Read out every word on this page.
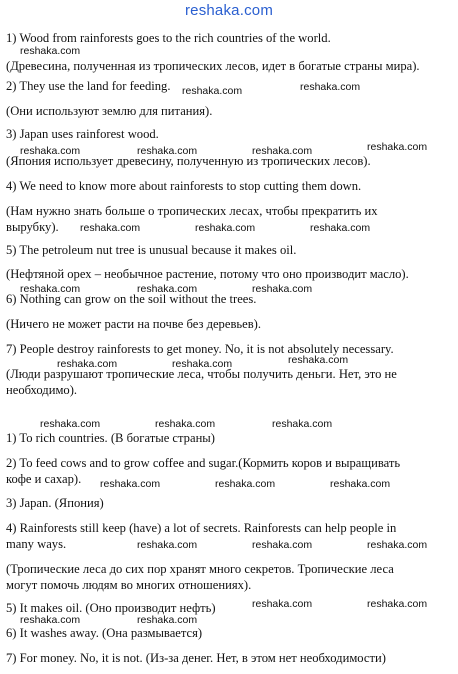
reshaka.com
1) Wood from rainforests goes to the rich countries of the world.
(Древесина, полученная из тропических лесов, идет в богатые страны мира).
2) They use the land for feeding.
(Они используют землю для питания).
3) Japan uses rainforest wood.
(Япония использует древесину, полученную из тропических лесов).
4) We need to know more about rainforests to stop cutting them down.
(Нам нужно знать больше о тропических лесах, чтобы прекратить их
вырубку).
5) The petroleum nut tree is unusual because it makes oil.
(Нефтяной орех – необычное растение, потому что оно производит масло).
6) Nothing can grow on the soil without the trees.
(Ничего не может расти на почве без деревьев).
7) People destroy rainforests to get money. No, it is not absolutely necessary.
(Люди разрушают тропические леса, чтобы получить деньги. Нет, это не
необходимо).
1) To rich countries. (В богатые страны)
2) To feed cows and to grow coffee and sugar.(Кормить коров и выращивать
кофе и сахар).
3) Japan. (Япония)
4) Rainforests still keep (have) a lot of secrets. Rainforests can help people in
many ways.
(Тропические леса до сих пор хранят много секретов. Тропические леса
могут помочь людям во многих отношениях).
5) It makes oil. (Оно производит нефть)
6) It washes away. (Она размывается)
7) For money. No, it is not. (Из-за денег. Нет, в этом нет необходимости)
reshaka.com
reshaka.com	reshaka.com
reshaka.com	reshaka.com	reshaka.com	reshaka.com
reshaka.com	reshaka.com	reshaka.com
reshaka.com	reshaka.com	reshaka.com
reshaka.com	reshaka.com	reshaka.com
reshaka.com	reshaka.com	reshaka.com
reshaka.com	reshaka.com	reshaka.com
reshaka.com	reshaka.com	reshaka.com
reshaka.com	reshaka.com
reshaka.com	reshaka.com
